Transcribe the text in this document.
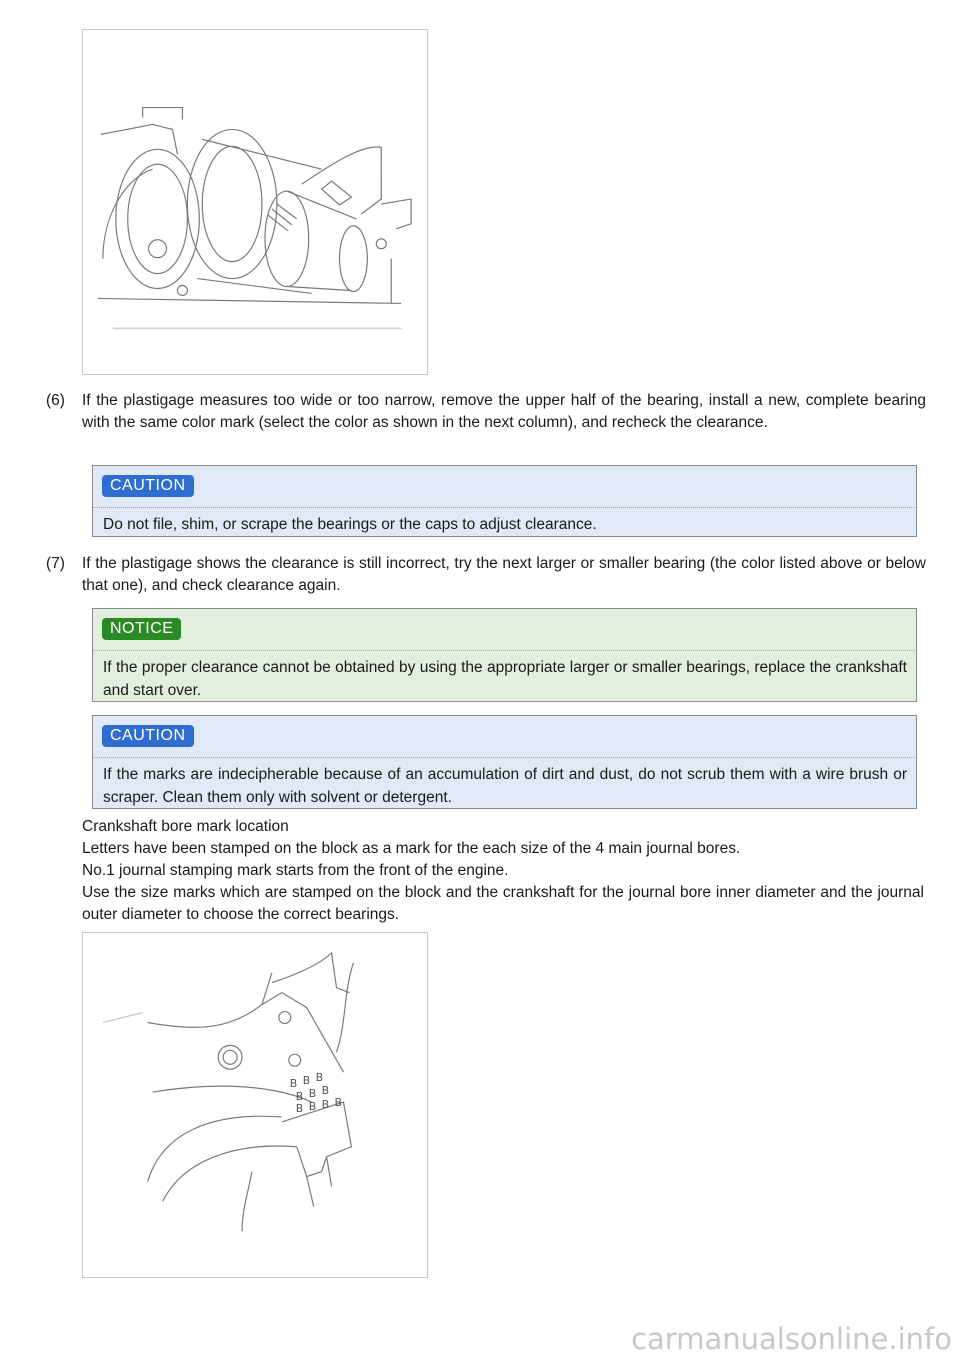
(6)	If the plastigage measures too wide or too narrow, remove the upper half of the bearing, install a new, complete bearing with the same color mark (select the color as shown in the next column), and recheck the clearance.
CAUTION
Do not file, shim, or scrape the bearings or the caps to adjust clearance.
(7)	If the plastigage shows the clearance is still incorrect, try the next larger or smaller bearing (the color listed above or below that one), and check clearance again.
NOTICE
If the proper clearance cannot be obtained by using the appropriate larger or smaller bearings, replace the crankshaft and start over.
CAUTION
If the marks are indecipherable because of an accumulation of dirt and dust, do not scrub them with a wire brush or scraper. Clean them only with solvent or detergent.
Crankshaft bore mark location
Letters have been stamped on the block as a mark for the each size of the 4 main journal bores.
No.1 journal stamping mark starts from the front of the engine.
Use the size marks which are stamped on the block and the crankshaft for the journal bore inner diameter and the journal outer diameter to choose the correct bearings.
B B B
B B B
B B B B
carmanualsonline.info
